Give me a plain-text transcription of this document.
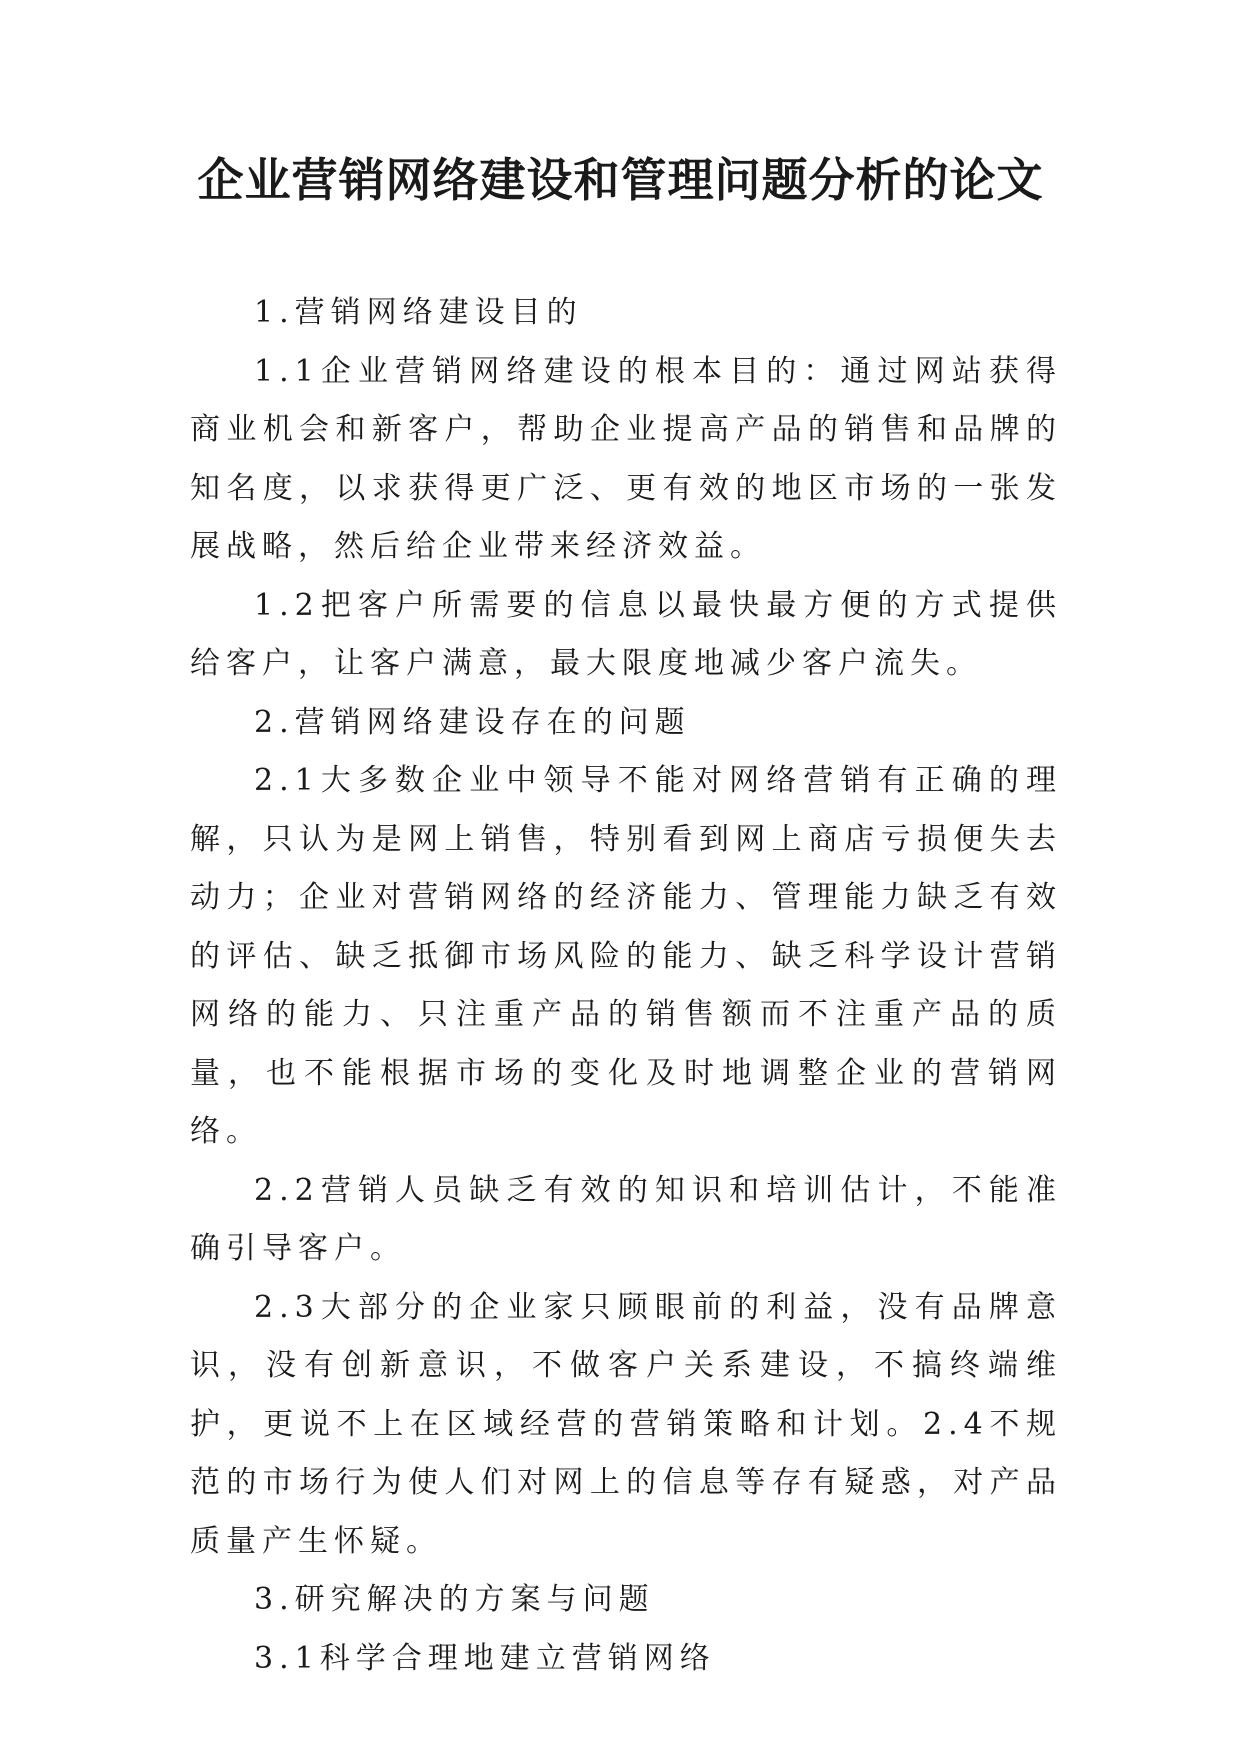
企业营销网络建设和管理问题分析的论文

1.营销网络建设目的

1.1企业营销网络建设的根本目的：通过网站获得商业机会和新客户，帮助企业提高产品的销售和品牌的知名度，以求获得更广泛、更有效的地区市场的一张发展战略，然后给企业带来经济效益。

1.2把客户所需要的信息以最快最方便的方式提供给客户，让客户满意，最大限度地减少客户流失。

2.营销网络建设存在的问题

2.1大多数企业中领导不能对网络营销有正确的理解，只认为是网上销售，特别看到网上商店亏损便失去动力；企业对营销网络的经济能力、管理能力缺乏有效的评估、缺乏抵御市场风险的能力、缺乏科学设计营销网络的能力、只注重产品的销售额而不注重产品的质量，也不能根据市场的变化及时地调整企业的营销网络。

2.2营销人员缺乏有效的知识和培训估计，不能准确引导客户。

2.3大部分的企业家只顾眼前的利益，没有品牌意识，没有创新意识，不做客户关系建设，不搞终端维护，更说不上在区域经营的营销策略和计划。2.4不规范的市场行为使人们对网上的信息等存有疑惑，对产品质量产生怀疑。

3.研究解决的方案与问题

3.1科学合理地建立营销网络
